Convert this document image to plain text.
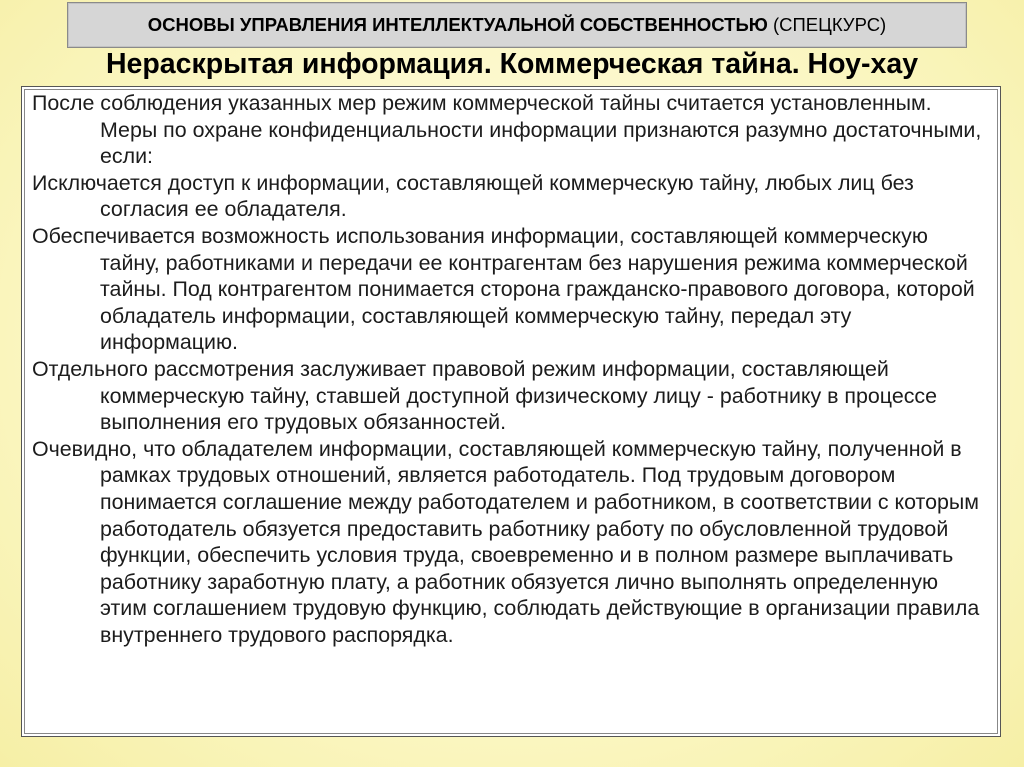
ОСНОВЫ УПРАВЛЕНИЯ ИНТЕЛЛЕКТУАЛЬНОЙ СОБСТВЕННОСТЬЮ
(СПЕЦКУРС)
Нераскрытая информация. Коммерческая тайна. Ноу-хау

После соблюдения указанных мер режим коммерческой тайны считается установленным. Меры по охране конфиденциальности информации признаются разумно достаточными, если:

Исключается доступ к информации, составляющей коммерческую тайну, любых лиц без согласия ее обладателя.

Обеспечивается возможность использования информации, составляющей коммерческую тайну, работниками и передачи ее контрагентам без нарушения режима коммерческой тайны. Под контрагентом понимается сторона гражданско-правового договора, которой обладатель информации, составляющей коммерческую тайну, передал эту информацию.

Отдельного рассмотрения заслуживает правовой режим информации, составляющей коммерческую тайну, ставшей доступной физическому лицу - работнику в процессе выполнения его трудовых обязанностей.

Очевидно, что обладателем информации, составляющей коммерческую тайну, полученной в рамках трудовых отношений, является работодатель. Под трудовым договором понимается соглашение между работодателем и работником, в соответствии с которым работодатель обязуется предоставить работнику работу по обусловленной трудовой функции, обеспечить условия труда, своевременно и в полном размере выплачивать работнику заработную плату, а работник обязуется лично выполнять определенную этим соглашением трудовую функцию, соблюдать действующие в организации правила внутреннего трудового распорядка.
